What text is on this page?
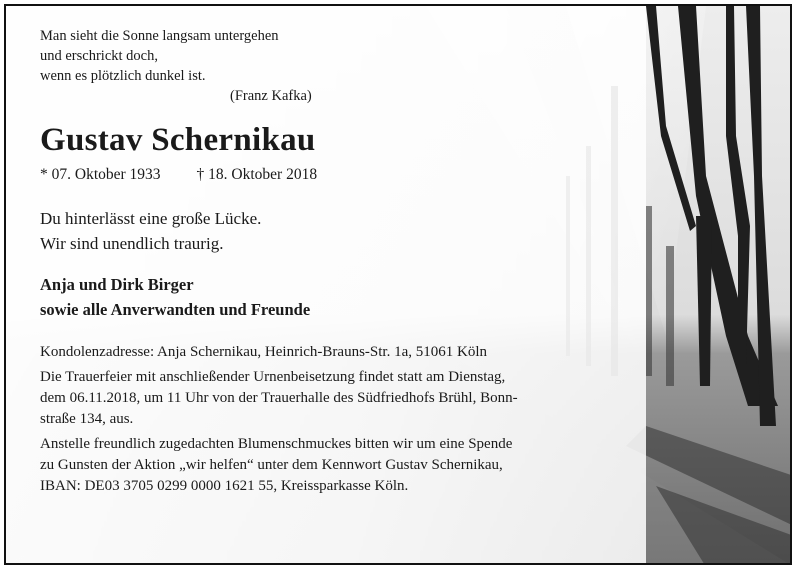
Man sieht die Sonne langsam untergehen
und erschrickt doch,
wenn es plötzlich dunkel ist.
(Franz Kafka)
Gustav Schernikau
* 07. Oktober 1933 † 18. Oktober 2018
Du hinterlässt eine große Lücke.
Wir sind unendlich traurig.
Anja und Dirk Birger
sowie alle Anverwandten und Freunde
Kondolenzadresse: Anja Schernikau, Heinrich-Brauns-Str. 1a, 51061 Köln
Die Trauerfeier mit anschließender Urnenbeisetzung findet statt am Dienstag,
dem 06.11.2018, um 11 Uhr von der Trauerhalle des Südfriedhofs Brühl, Bonn-
straße 134, aus.
Anstelle freundlich zugedachten Blumenschmuckes bitten wir um eine Spende
zu Gunsten der Aktion „wir helfen“ unter dem Kennwort Gustav Schernikau,
IBAN: DE03 3705 0299 0000 1621 55, Kreissparkasse Köln.
